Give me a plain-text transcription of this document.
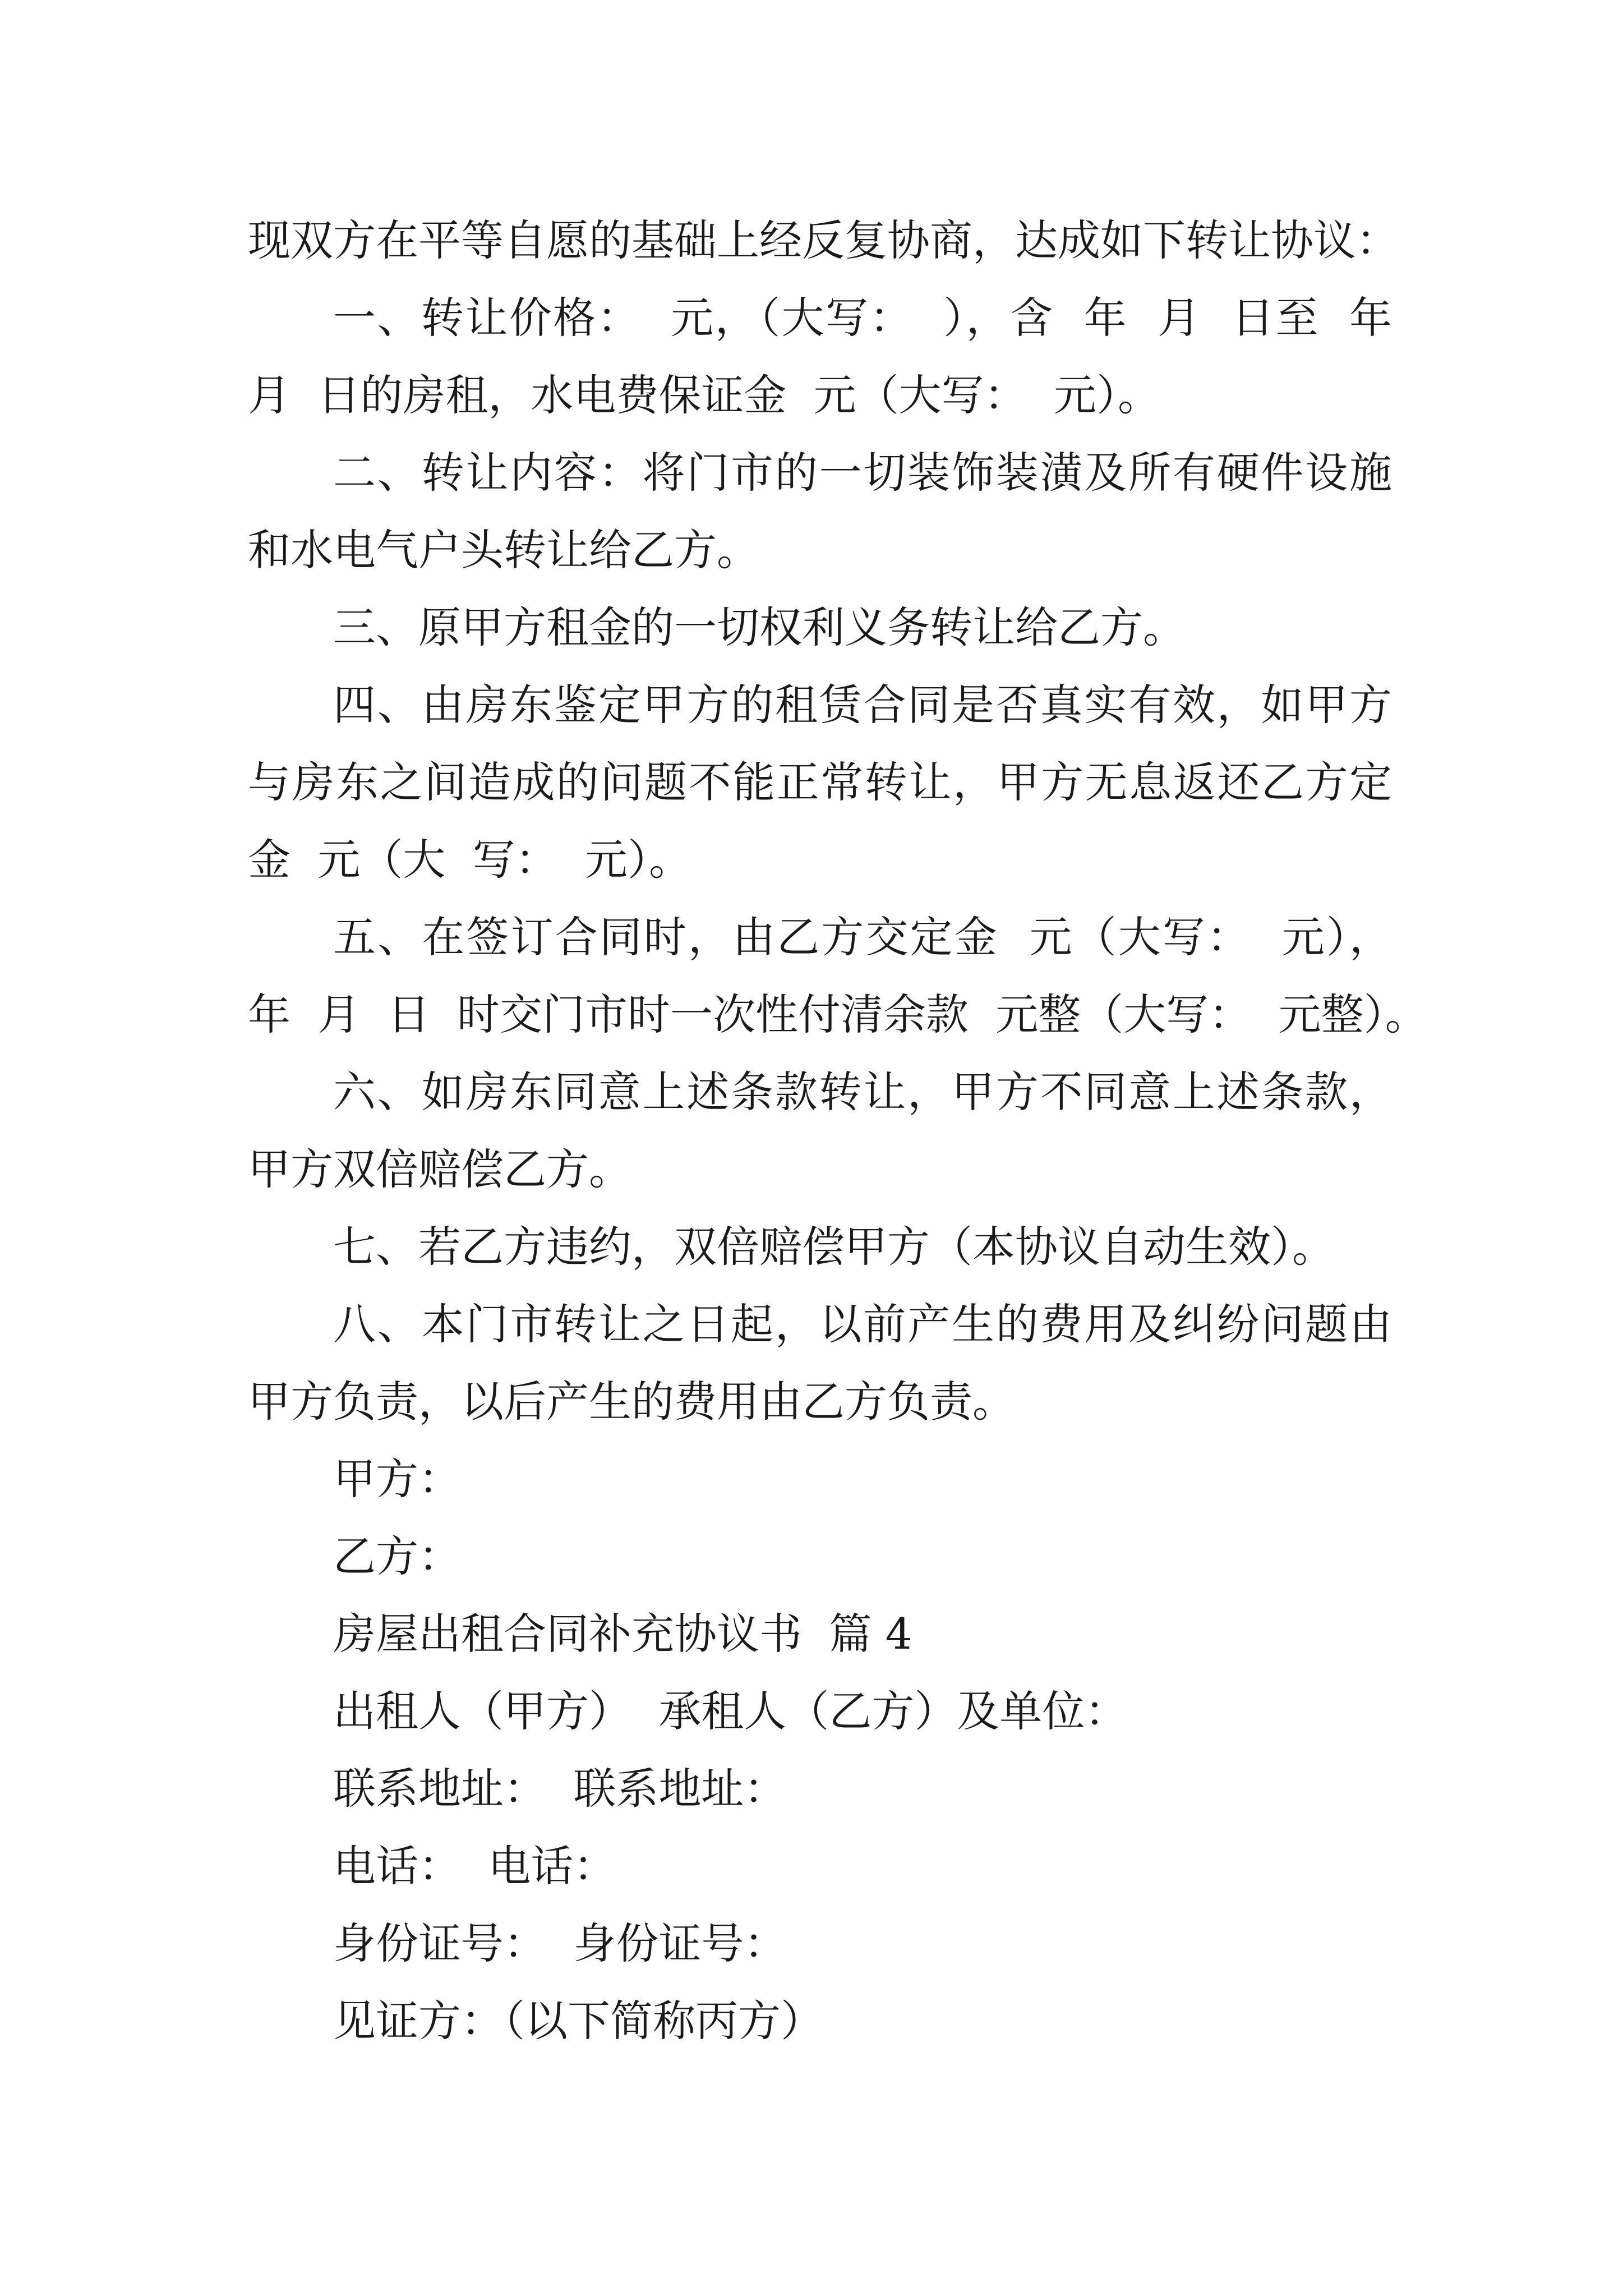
现双方在平等自愿的基础上经反复协商，达成如下转让协议：
一、转让价格：  元，（大写：  ），含  年  月  日至  年
月  日的房租，水电费保证金  元（大写：  元）。
二、转让内容：将门市的一切装饰装潢及所有硬件设施
和水电气户头转让给乙方。
三、原甲方租金的一切权利义务转让给乙方。
四、由房东鉴定甲方的租赁合同是否真实有效，如甲方
与房东之间造成的问题不能正常转让，甲方无息返还乙方定
金  元（大  写：  元）。
五、在签订合同时，由乙方交定金  元（大写：  元），
年  月  日  时交门市时一次性付清余款  元整（大写：  元整）。
六、如房东同意上述条款转让，甲方不同意上述条款，
甲方双倍赔偿乙方。
七、若乙方违约，双倍赔偿甲方（本协议自动生效）。
八、本门市转让之日起，以前产生的费用及纠纷问题由
甲方负责，以后产生的费用由乙方负责。
甲方：
乙方：
房屋出租合同补充协议书  篇 4
出租人（甲方）  承租人（乙方）及单位：
联系地址：  联系地址：
电话：  电话：
身份证号：  身份证号：
见证方：（以下简称丙方）
